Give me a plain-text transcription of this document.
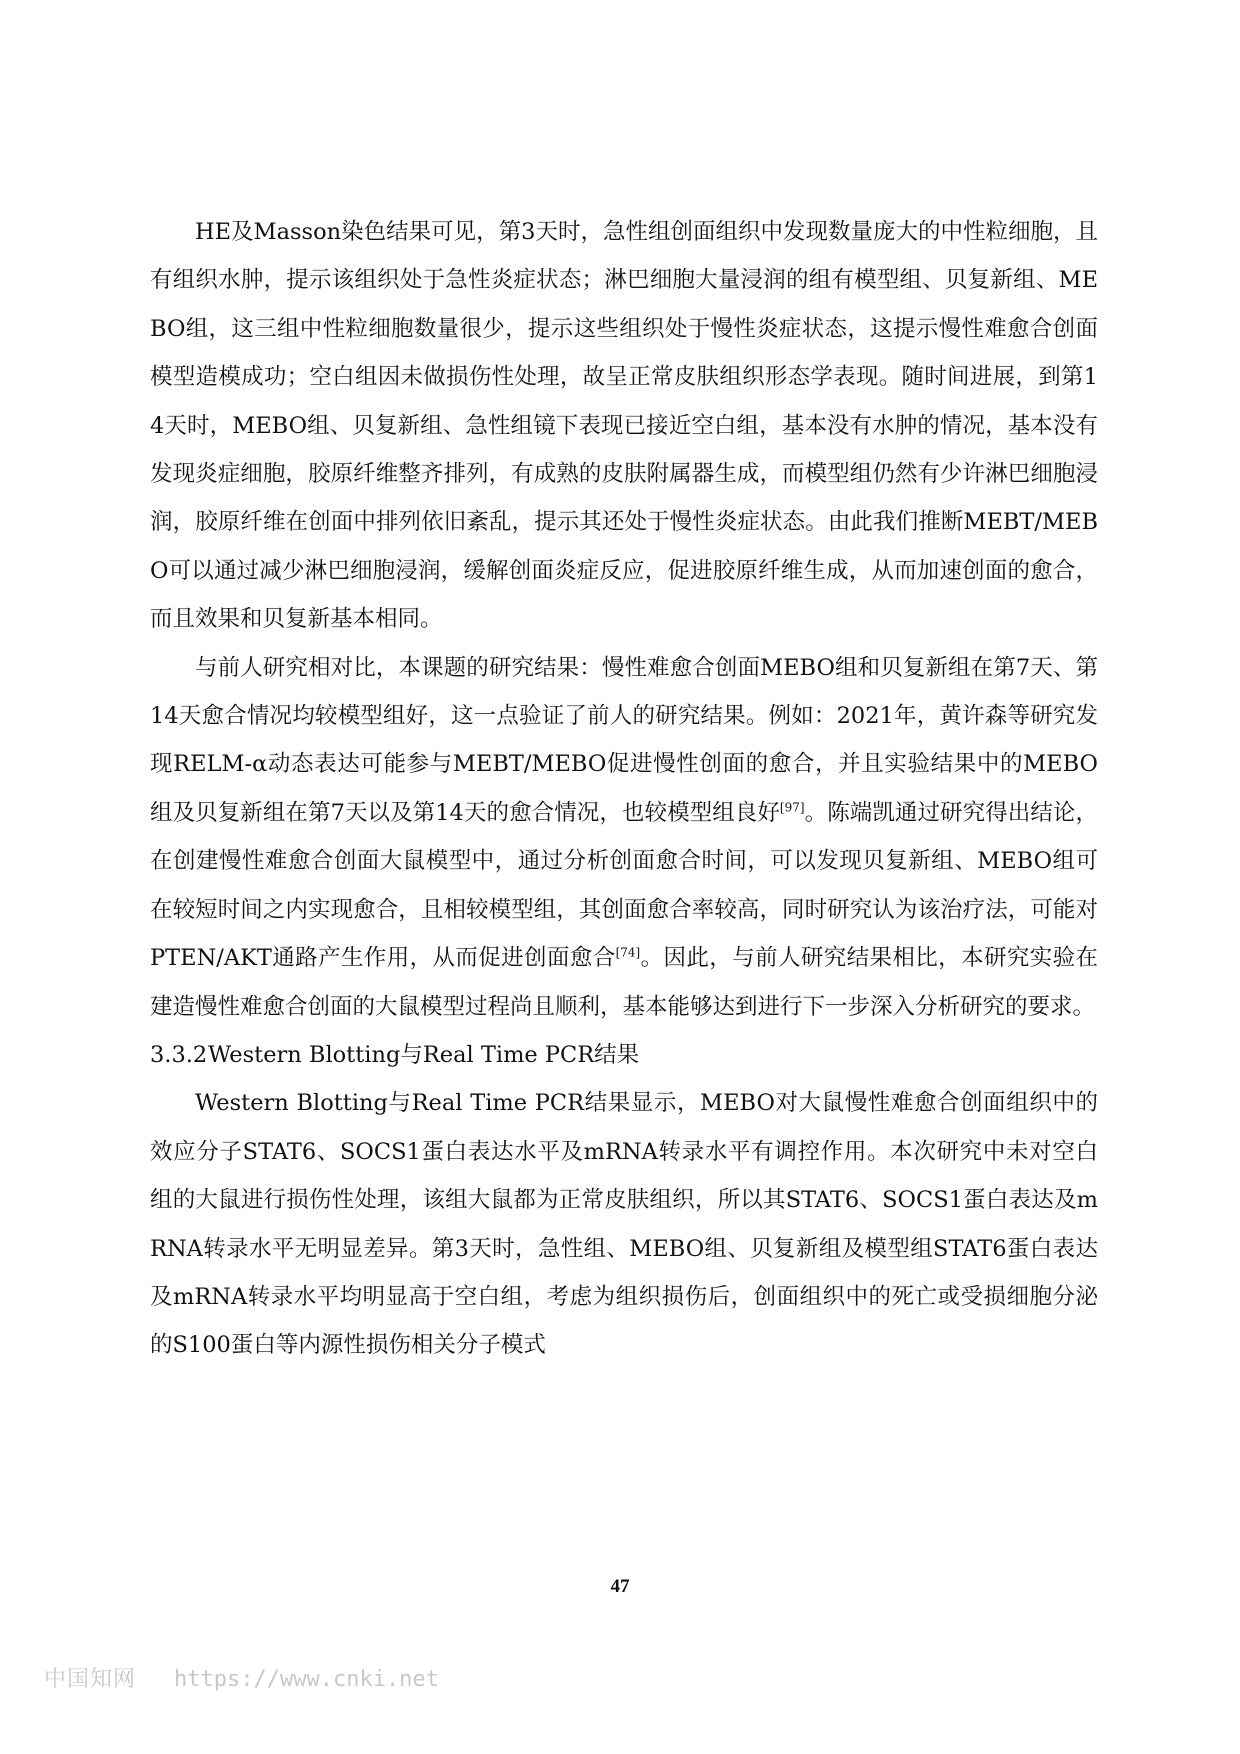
HE及Masson染色结果可见，第3天时，急性组创面组织中发现数量庞大的中性粒细胞，且有组织水肿，提示该组织处于急性炎症状态；淋巴细胞大量浸润的组有模型组、贝复新组、MEBO组，这三组中性粒细胞数量很少，提示这些组织处于慢性炎症状态，这提示慢性难愈合创面模型造模成功；空白组因未做损伤性处理，故呈正常皮肤组织形态学表现。随时间进展，到第14天时，MEBO组、贝复新组、急性组镜下表现已接近空白组，基本没有水肿的情况，基本没有发现炎症细胞，胶原纤维整齐排列，有成熟的皮肤附属器生成，而模型组仍然有少许淋巴细胞浸润，胶原纤维在创面中排列依旧紊乱，提示其还处于慢性炎症状态。由此我们推断MEBT/MEBO可以通过减少淋巴细胞浸润，缓解创面炎症反应，促进胶原纤维生成，从而加速创面的愈合，而且效果和贝复新基本相同。

与前人研究相对比，本课题的研究结果：慢性难愈合创面MEBO组和贝复新组在第7天、第14天愈合情况均较模型组好，这一点验证了前人的研究结果。例如：2021年，黄许森等研究发现RELM-α动态表达可能参与MEBT/MEBO促进慢性创面的愈合，并且实验结果中的MEBO组及贝复新组在第7天以及第14天的愈合情况，也较模型组良好[97]。陈端凯通过研究得出结论，在创建慢性难愈合创面大鼠模型中，通过分析创面愈合时间，可以发现贝复新组、MEBO组可在较短时间之内实现愈合，且相较模型组，其创面愈合率较高，同时研究认为该治疗法，可能对PTEN/AKT通路产生作用，从而促进创面愈合[74]。因此，与前人研究结果相比，本研究实验在建造慢性难愈合创面的大鼠模型过程尚且顺利，基本能够达到进行下一步深入分析研究的要求。

3.3.2Western Blotting与Real Time PCR结果

Western Blotting与Real Time PCR结果显示，MEBO对大鼠慢性难愈合创面组织中的效应分子STAT6、SOCS1蛋白表达水平及mRNA转录水平有调控作用。本次研究中未对空白组的大鼠进行损伤性处理，该组大鼠都为正常皮肤组织，所以其STAT6、SOCS1蛋白表达及mRNA转录水平无明显差异。第3天时，急性组、MEBO组、贝复新组及模型组STAT6蛋白表达及mRNA转录水平均明显高于空白组，考虑为组织损伤后，创面组织中的死亡或受损细胞分泌的S100蛋白等内源性损伤相关分子模式

47
中国知网 https://www.cnki.net
